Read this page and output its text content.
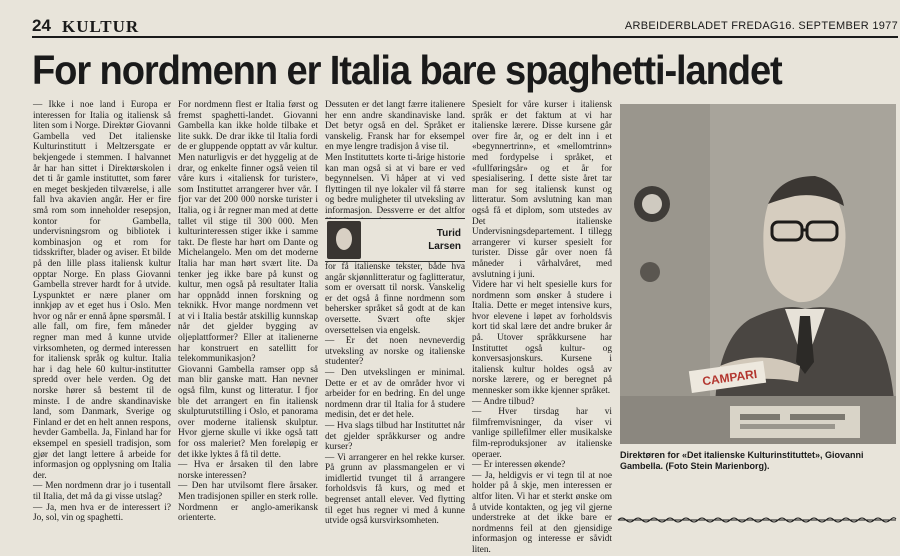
24 KULTUR	ARBEIDERBLADET FREDAG16. SEPTEMBER 1977
For nordmenn er Italia bare spaghetti-landet

— Ikke i noe land i Europa er interessen for Italia og italiensk så liten som i Norge. Direktør Giovanni Gambella ved Det italienske Kulturinstitutt i Meltzersgate er bekjengede i stemmen. I halvannet år har han sittet i Direktørskolen i det ti år gamle instituttet, som fører en meget beskjeden tilværelse, i alle fall hva akavien angår. Her er fire små rom som inneholder resepsjon, kontor for Gambella, undervisningsrom og bibliotek i kombinasjon og et rom for tidsskrifter, blader og aviser. Et bilde på den lille plass italiensk kultur opptar Norge. En plass Giovanni Gambella strever hardt for å utvide. Lyspunktet er nære planer om innkjøp av et eget hus i Oslo. Men hvor og når er ennå åpne spørsmål. I alle fall, om fire, fem måneder regner man med å kunne utvide virksomheten, og dermed interessen for italiensk språk og kultur. Italia har i dag hele 60 kultur-institutter spredd over hele verden. Og det norske hører så bestemt til de minste. I de andre skandinaviske land, som Danmark, Sverige og Finland er det en helt annen respons, hevder Gambella. Ja, Finland har for eksempel en spesiell tradisjon, som gjør det langt lettere å arbeide for informasjon og opplysning om Italia der.

— Men nordmenn drar jo i tusentall til Italia, det må da gi visse utslag?

— Ja, men hva er de interessert i? Jo, sol, vin og spaghetti.

For nordmenn flest er Italia først og fremst spaghetti-landet. Giovanni Gambella kan ikke holde tilbake et lite sukk. De drar ikke til Italia fordi de er gluppende opptatt av vår kultur. Men naturligvis er det hyggelig at de drar, og enkelte finner også veien til våre kurs i «italiensk for turister», som Instituttet arrangerer hver vår. I fjor var det 200 000 norske turister i Italia, og i år regner man med at dette tallet vil stige til 300 000. Men kulturinteressen stiger ikke i samme takt. De fleste har hørt om Dante og Michelangelo. Men om det moderne Italia har man hørt svært lite. Da tenker jeg ikke bare på kunst og kultur, men også på resultater Italia har oppnådd innen forskning og teknikk. Hvor mange nordmenn vet at vi i Italia består atskillig kunnskap når det gjelder bygging av oljeplattformer? Eller at italienerne har konstruert en satellitt for telekommunikasjon?

Giovanni Gambella ramser opp så man blir ganske matt. Han nevner også film, kunst og litteratur. I fjor ble det arrangert en fin italiensk skulpturutstilling i Oslo, et panorama over moderne italiensk skulptur. Hvor gjerne skulle vi ikke også tatt for oss maleriet? Men foreløpig er det ikke lyktes å få til dette.

— Hva er årsaken til den labre norske interessen?

— Den har utvilsomt flere årsaker. Men tradisjonen spiller en sterk rolle. Nordmenn er anglo-amerikansk orienterte.

Dessuten er det langt færre italienere her enn andre skandinaviske land. Det betyr også en del. Språket er vanskelig. Fransk har for eksempel en mye lengre tradisjon å vise til.

Men Instituttets korte ti-årige historie kan man også si at vi bare er ved begynnelsen. Vi håper at vi ved flyttingen til nye lokaler vil få større og bedre muligheter til utveksling av informasjon. Dessverre er det altfor

for få italienske tekster, både hva angår skjønnlitteratur og faglitteratur, som er oversatt til norsk. Vanskelig er det også å finne nordmenn som behersker språket så godt at de kan oversette. Svært ofte skjer oversettelsen via engelsk.

— Er det noen nevneverdig utveksling av norske og italienske studenter?

— Den utvekslingen er minimal. Dette er et av de områder hvor vi arbeider for en bedring. En del unge nordmenn drar til Italia for å studere medisin, det er det hele.

— Hva slags tilbud har Instituttet når det gjelder språkkurser og andre kurser?

— Vi arrangerer en hel rekke kurser. På grunn av plassmangelen er vi imidlertid tvunget til å arrangere forholdsvis få kurs, og med et begrenset antall elever. Ved flytting til eget hus regner vi med å kunne utvide også kursvirksomheten.

Turid
Larsen

Spesielt for våre kurser i italiensk språk er det faktum at vi har italienske lærere. Disse kursene går over fire år, og er delt inn i et «begynnertrinn», et «mellomtrinn» med fordypelse i språket, et «fullføringsår» og et år for spesialisering. I dette siste året tar man for seg italiensk kunst og litteratur. Som avslutning kan man også få et diplom, som utstedes av Det italienske Undervisningsdepartement. I tillegg arrangerer vi kurser spesielt for turister. Disse går over noen få måneder i vårhalvåret, med avslutning i juni.

Videre har vi helt spesielle kurs for nordmenn som ønsker å studere i Italia. Dette er meget intensive kurs, hvor elevene i løpet av forholdsvis kort tid skal lære det andre bruker år på. Utover språkkursene har Instituttet også kultur- og konversasjonskurs. Kursene i italiensk kultur holdes også av norske lærere, og er beregnet på mennesker som ikke kjenner språket.

— Andre tilbud?

— Hver tirsdag har vi filmfremvisninger, da viser vi vanlige spillefilmer eller musikalske film-reproduksjoner av italienske operaer.

— Er interessen økende?

— Ja, heldigvis er vi tegn til at noe holder på å skje, men interessen er altfor liten. Vi har et sterkt ønske om å utvide kontakten, og jeg vil gjerne understreke at det ikke bare er nordmenns feil at den gjensidige informasjon og interesse er såvidt liten.

CAMPARI
Direktøren for «Det italienske Kulturinstituttet», Giovanni Gambella. (Foto Stein Marienborg).
